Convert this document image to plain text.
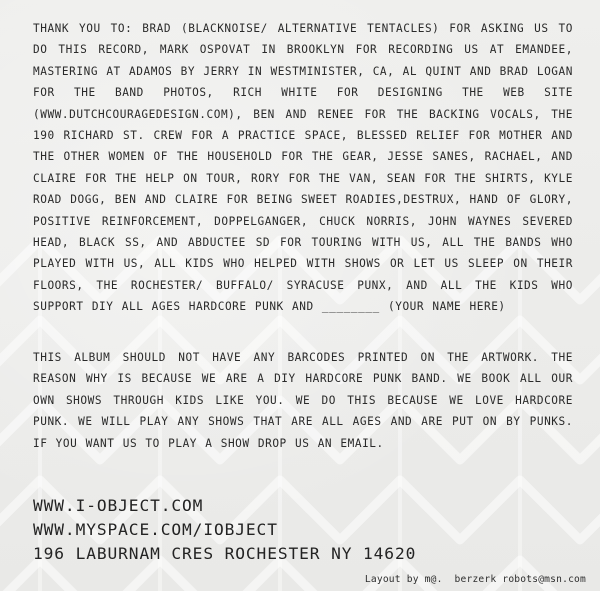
THANK YOU TO: BRAD (BLACKNOISE/ ALTERNATIVE TENTACLES) FOR ASKING US TO DO THIS RECORD, MARK OSPOVAT IN BROOKLYN FOR RECORDING US AT EMANDEE, MASTERING AT ADAMOS BY JERRY IN WESTMINISTER, CA, AL QUINT AND BRAD LOGAN FOR THE BAND PHOTOS, RICH WHITE FOR DESIGNING THE WEB SITE (WWW.DUTCHCOURAGEDESIGN.COM), BEN AND RENEE FOR THE BACKING VOCALS, THE 190 RICHARD ST. CREW FOR A PRACTICE SPACE, BLESSED RELIEF FOR MOTHER AND THE OTHER WOMEN OF THE HOUSEHOLD FOR THE GEAR, JESSE SANES, RACHAEL, AND CLAIRE FOR THE HELP ON TOUR, RORY FOR THE VAN, SEAN FOR THE SHIRTS, KYLE ROAD DOGG, BEN AND CLAIRE FOR BEING SWEET ROADIES,DESTRUX, HAND OF GLORY, POSITIVE REINFORCEMENT, DOPPELGANGER, CHUCK NORRIS, JOHN WAYNES SEVERED HEAD, BLACK SS, AND ABDUCTEE SD FOR TOURING WITH US, ALL THE BANDS WHO PLAYED WITH US, ALL KIDS WHO HELPED WITH SHOWS OR LET US SLEEP ON THEIR FLOORS, THE ROCHESTER/ BUFFALO/ SYRACUSE PUNX, AND ALL THE KIDS WHO SUPPORT DIY ALL AGES HARDCORE PUNK AND ________ (YOUR NAME HERE)

THIS ALBUM SHOULD NOT HAVE ANY BARCODES PRINTED ON THE ARTWORK. THE REASON WHY IS BECAUSE WE ARE A DIY HARDCORE PUNK BAND. WE BOOK ALL OUR OWN SHOWS THROUGH KIDS LIKE YOU. WE DO THIS BECAUSE WE LOVE HARDCORE PUNK. WE WILL PLAY ANY SHOWS THAT ARE ALL AGES AND ARE PUT ON BY PUNKS. IF YOU WANT US TO PLAY A SHOW DROP US AN EMAIL.

WWW.I-OBJECT.COM

WWW.MYSPACE.COM/IOBJECT

196 LABURNAM CRES ROCHESTER NY 14620

Layout by m@.  berzerk robots@msn.com
